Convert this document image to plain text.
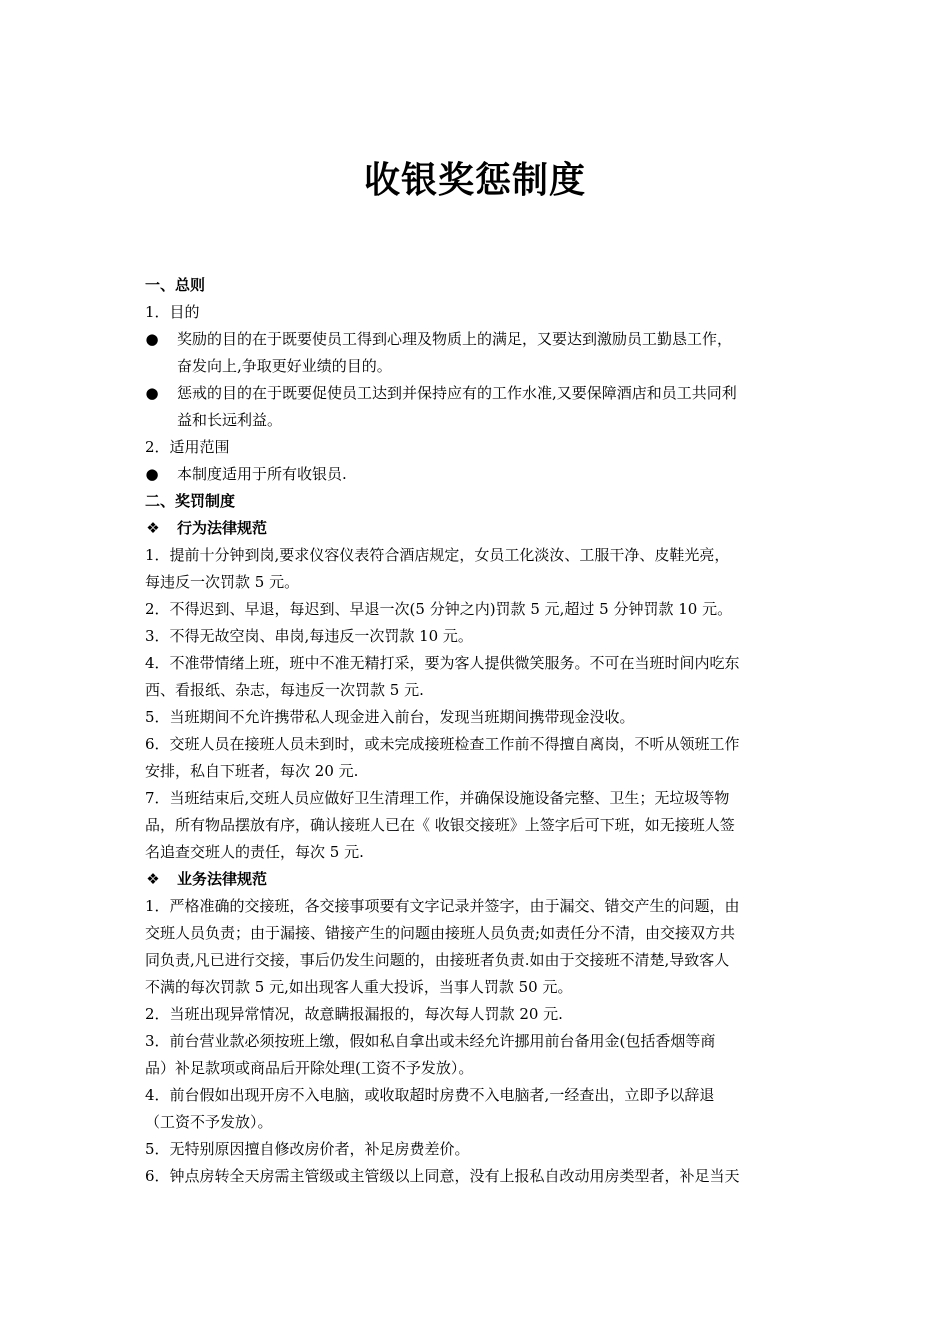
收银奖惩制度

一、总则

1．目的

● 奖励的目的在于既要使员工得到心理及物质上的满足，又要达到激励员工勤恳工作，
奋发向上,争取更好业绩的目的。

● 惩戒的目的在于既要促使员工达到并保持应有的工作水准,又要保障酒店和员工共同利
益和长远利益。

2．适用范围

● 本制度适用于所有收银员.

二、奖罚制度

❖ 行为法律规范

1．提前十分钟到岗,要求仪容仪表符合酒店规定，女员工化淡汝、工服干净、皮鞋光亮，
每违反一次罚款 5 元。

2．不得迟到、早退，每迟到、早退一次(5 分钟之内)罚款 5 元,超过 5 分钟罚款 10 元。

3．不得无故空岗、串岗,每违反一次罚款 10 元。

4．不准带情绪上班，班中不准无精打采，要为客人提供微笑服务。不可在当班时间内吃东
西、看报纸、杂志，每违反一次罚款 5 元.

5．当班期间不允许携带私人现金进入前台，发现当班期间携带现金没收。

6．交班人员在接班人员未到时，或未完成接班检查工作前不得擅自离岗，不听从领班工作
安排，私自下班者，每次 20 元.

7．当班结束后,交班人员应做好卫生清理工作，并确保设施设备完整、卫生；无垃圾等物
品，所有物品摆放有序，确认接班人已在《 收银交接班》上签字后可下班，如无接班人签
名追查交班人的责任，每次 5 元.

❖ 业务法律规范

1．严格准确的交接班，各交接事项要有文字记录并签字，由于漏交、错交产生的问题，由
交班人员负责；由于漏接、错接产生的问题由接班人员负责;如责任分不清，由交接双方共
同负责,凡已进行交接，事后仍发生问题的，由接班者负责.如由于交接班不清楚,导致客人
不满的每次罚款 5 元,如出现客人重大投诉，当事人罚款 50 元。

2．当班出现异常情况，故意瞒报漏报的，每次每人罚款 20 元.

3．前台营业款必须按班上缴，假如私自拿出或未经允许挪用前台备用金(包括香烟等商
品）补足款项或商品后开除处理(工资不予发放）。

4．前台假如出现开房不入电脑，或收取超时房费不入电脑者,一经查出，立即予以辞退
（工资不予发放）。

5．无特别原因擅自修改房价者，补足房费差价。

6．钟点房转全天房需主管级或主管级以上同意，没有上报私自改动用房类型者，补足当天
